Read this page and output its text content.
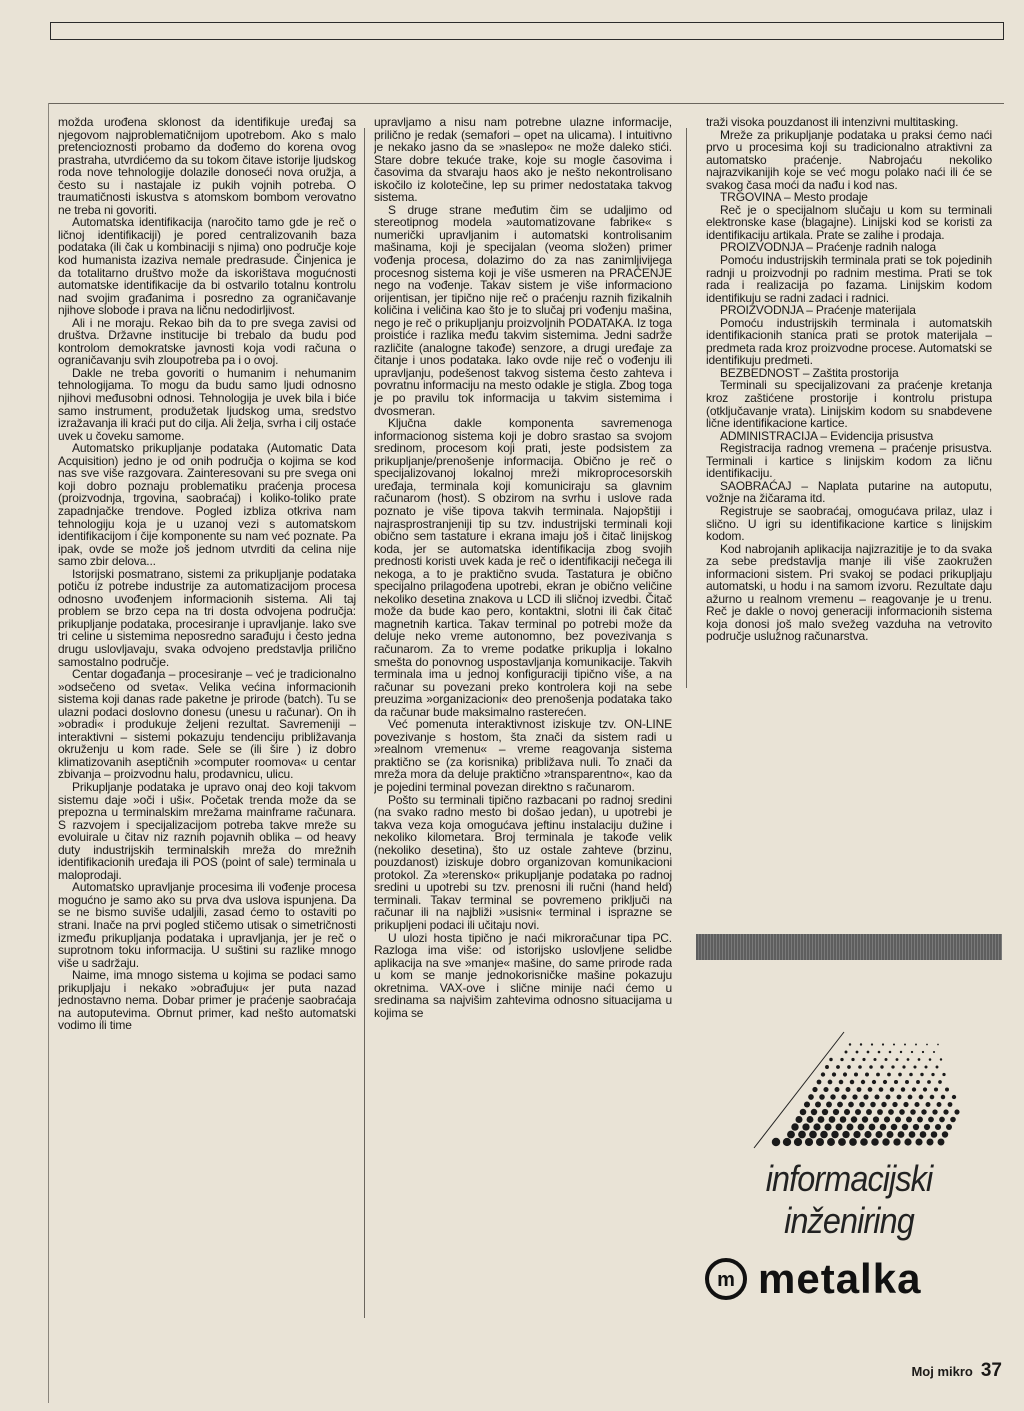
možda urođena sklonost da identifikuje uređaj sa njegovom najproblematičnijom upotrebom. Ako s malo pretencioznosti probamo da dođemo do korena ovog prastraha, utvrdićemo da su tokom čitave istorije ljudskog roda nove tehnologije dolazile donoseći nova oružja, a često su i nastajale iz pukih vojnih potreba. O traumatičnosti iskustva s atomskom bombom verovatno ne treba ni govoriti.

Automatska identifikacija (naročito tamo gde je reč o ličnoj identifikaciji) je pored centralizovanih baza podataka (ili čak u kombinaciji s njima) ono područje koje kod humanista izaziva nemale predrasude. Činjenica je da totalitarno društvo može da iskorištava mogućnosti automatske identifikacije da bi ostvarilo totalnu kontrolu nad svojim građanima i posredno za ograničavanje njihove slobode i prava na ličnu nedodirljivost.

Ali i ne moraju. Rekao bih da to pre svega zavisi od društva. Državne institucije bi trebalo da budu pod kontrolom demokratske javnosti koja vodi računa o ograničavanju svih zloupotreba pa i o ovoj.

Dakle ne treba govoriti o humanim i nehumanim tehnologijama. To mogu da budu samo ljudi odnosno njihovi međusobni odnosi. Tehnologija je uvek bila i biće samo instrument, produžetak ljudskog uma, sredstvo izražavanja ili kraći put do cilja. Ali želja, svrha i cilj ostaće uvek u čoveku samome.

Automatsko prikupljanje podataka (Automatic Data Acquisition) jedno je od onih područja o kojima se kod nas sve više razgovara. Zainteresovani su pre svega oni koji dobro poznaju problematiku praćenja procesa (proizvodnja, trgovina, saobraćaj) i koliko-toliko prate zapadnjačke trendove. Pogled izbliza otkriva nam tehnologiju koja je u uzanoj vezi s automatskom identifikacijom i čije komponente su nam već poznate. Pa ipak, ovde se može još jednom utvrditi da celina nije samo zbir delova...

Istorijski posmatrano, sistemi za prikupljanje podataka potiču iz potrebe industrije za automatizacijom procesa odnosno uvođenjem informacionih sistema. Ali taj problem se brzo cepa na tri dosta odvojena područja: prikupljanje podataka, procesiranje i upravljanje. Iako sve tri celine u sistemima neposredno sarađuju i često jedna drugu uslovljavaju, svaka odvojeno predstavlja prilično samostalno područje.

Centar događanja – procesiranje – već je tradicionalno »odsečeno od sveta«. Velika većina informacionih sistema koji danas rade paketne je prirode (batch). Tu se ulazni podaci doslovno donesu (unesu u računar). On ih »obradi« i produkuje željeni rezultat. Savremeniji – interaktivni – sistemi pokazuju tendenciju približavanja okruženju u kom rade. Sele se (ili šire ) iz dobro klimatizovanih aseptičnih »computer roomova« u centar zbivanja – proizvodnu halu, prodavnicu, ulicu.

Prikupljanje podataka je upravo onaj deo koji takvom sistemu daje »oči i uši«. Početak trenda može da se prepozna u terminalskim mrežama mainframe računara. S razvojem i specijalizacijom potreba takve mreže su evoluirale u čitav niz raznih pojavnih oblika – od heavy duty industrijskih terminalskih mreža do mrežnih identifikacionih uređaja ili POS (point of sale) terminala u maloprodaji.

Automatsko upravljanje procesima ili vođenje procesa mogućno je samo ako su prva dva uslova ispunjena. Da se ne bismo suviše udaljili, zasad ćemo to ostaviti po strani. Inače na prvi pogled stičemo utisak o simetričnosti između prikupljanja podataka i upravljanja, jer je reč o suprotnom toku informacija. U suštini su razlike mnogo više u sadržaju.

Naime, ima mnogo sistema u kojima se podaci samo prikupljaju i nekako »obrađuju« jer puta nazad jednostavno nema. Dobar primer je praćenje saobraćaja na autoputevima. Obrnut primer, kad nešto automatski vodimo ili time

upravljamo a nisu nam potrebne ulazne informacije, prilično je redak (semafori – opet na ulicama). I intuitivno je nekako jasno da se »naslepo« ne može daleko stići. Stare dobre tekuće trake, koje su mogle časovima i časovima da stvaraju haos ako je nešto nekontrolisano iskočilo iz kolotečine, lep su primer nedostataka takvog sistema.

S druge strane međutim čim se udaljimo od stereotipnog modela »automatizovane fabrike« s numerički upravljanim i automatski kontrolisanim mašinama, koji je specijalan (veoma složen) primer vođenja procesa, dolazimo do za nas zanimljivijega procesnog sistema koji je više usmeren na PRAĆENJE nego na vođenje. Takav sistem je više informaciono orijentisan, jer tipično nije reč o praćenju raznih fizikalnih količina i veličina kao što je to slučaj pri vođenju mašina, nego je reč o prikupljanju proizvoljnih PODATAKA. Iz toga proistiće i razlika među takvim sistemima. Jedni sadrže različite (analogne takođe) senzore, a drugi uređaje za čitanje i unos podataka. Iako ovde nije reč o vođenju ili upravljanju, podešenost takvog sistema često zahteva i povratnu informaciju na mesto odakle je stigla. Zbog toga je po pravilu tok informacija u takvim sistemima i dvosmeran.

Ključna dakle komponenta savremenoga informacionog sistema koji je dobro srastao sa svojom sredinom, procesom koji prati, jeste podsistem za prikupljanje/prenošenje informacija. Obično je reč o specijalizovanoj lokalnoj mreži mikroprocesorskih uređaja, terminala koji komuniciraju sa glavnim računarom (host). S obzirom na svrhu i uslove rada poznato je više tipova takvih terminala. Najopštiji i najrasprostranjeniji tip su tzv. industrijski terminali koji obično sem tastature i ekrana imaju još i čitač linijskog koda, jer se automatska identifikacija zbog svojih prednosti koristi uvek kada je reč o identifikaciji nečega ili nekoga, a to je praktično svuda. Tastatura je obično specijalno prilagođena upotrebi, ekran je obično veličine nekoliko desetina znakova u LCD ili sličnoj izvedbi. Čitač može da bude kao pero, kontaktni, slotni ili čak čitač magnetnih kartica. Takav terminal po potrebi može da deluje neko vreme autonomno, bez povezivanja s računarom. Za to vreme podatke prikuplja i lokalno smešta do ponovnog uspostavljanja komunikacije. Takvih terminala ima u jednoj konfiguraciji tipično više, a na računar su povezani preko kontrolera koji na sebe preuzima »organizacioni« deo prenošenja podataka tako da računar bude maksimalno rasterećen.

Već pomenuta interaktivnost iziskuje tzv. ON-LINE povezivanje s hostom, šta znači da sistem radi u »realnom vremenu« – vreme reagovanja sistema praktično se (za korisnika) približava nuli. To znači da mreža mora da deluje praktično »transparentno«, kao da je pojedini terminal povezan direktno s računarom.

Pošto su terminali tipično razbacani po radnoj sredini (na svako radno mesto bi došao jedan), u upotrebi je takva veza koja omogućava jeftinu instalaciju dužine i nekoliko kilometara. Broj terminala je takođe velik (nekoliko desetina), što uz ostale zahteve (brzinu, pouzdanost) iziskuje dobro organizovan komunikacioni protokol. Za »terensko« prikupljanje podataka po radnoj sredini u upotrebi su tzv. prenosni ili ručni (hand held) terminali. Takav terminal se povremeno priključi na računar ili na najbliži »usisni« terminal i isprazne se prikupljeni podaci ili učitaju novi.

U ulozi hosta tipično je naći mikroračunar tipa PC. Razloga ima više: od istorijsko uslovljene selidbe aplikacija na sve »manje« mašine, do same prirode rada u kom se manje jednokorisničke mašine pokazuju okretnima. VAX-ove i slične minije naći ćemo u sredinama sa najvišim zahtevima odnosno situacijama u kojima se

traži visoka pouzdanost ili intenzivni multitasking.

Mreže za prikupljanje podataka u praksi ćemo naći prvo u procesima koji su tradicionalno atraktivni za automatsko praćenje. Nabrojaću nekoliko najrazvikanijih koje se već mogu polako naći ili će se svakog časa moći da nađu i kod nas.

TRGOVINA – Mesto prodaje

Reč je o specijalnom slučaju u kom su terminali elektronske kase (blagajne). Linijski kod se koristi za identifikaciju artikala. Prate se zalihe i prodaja.

PROIZVODNJA – Praćenje radnih naloga

Pomoću industrijskih terminala prati se tok pojedinih radnji u proizvodnji po radnim mestima. Prati se tok rada i realizacija po fazama. Linijskim kodom identifikuju se radni zadaci i radnici.

PROIZVODNJA – Praćenje materijala

Pomoću industrijskih terminala i automatskih identifikacionih stanica prati se protok materijala – predmeta rada kroz proizvodne procese. Automatski se identifikuju predmeti.

BEZBEDNOST – Zaštita prostorija

Terminali su specijalizovani za praćenje kretanja kroz zaštićene prostorije i kontrolu pristupa (otključavanje vrata). Linijskim kodom su snabdevene lične identifikacione kartice.

ADMINISTRACIJA – Evidencija prisustva

Registracija radnog vremena – praćenje prisustva. Terminali i kartice s linijskim kodom za ličnu identifikaciju.

SAOBRAĆAJ – Naplata putarine na autoputu, vožnje na žičarama itd.

Registruje se saobraćaj, omogućava prilaz, ulaz i slično. U igri su identifikacione kartice s linijskim kodom.

Kod nabrojanih aplikacija najizrazitije je to da svaka za sebe predstavlja manje ili više zaokružen informacioni sistem. Pri svakoj se podaci prikupljaju automatski, u hodu i na samom izvoru. Rezultate daju ažurno u realnom vremenu – reagovanje je u trenu. Reč je dakle o novoj generaciji informacionih sistema koja donosi još malo svežeg vazduha na vetrovito područje uslužnog računarstva.

informacijski
inženiring
m metalka
Moj mikro 37
